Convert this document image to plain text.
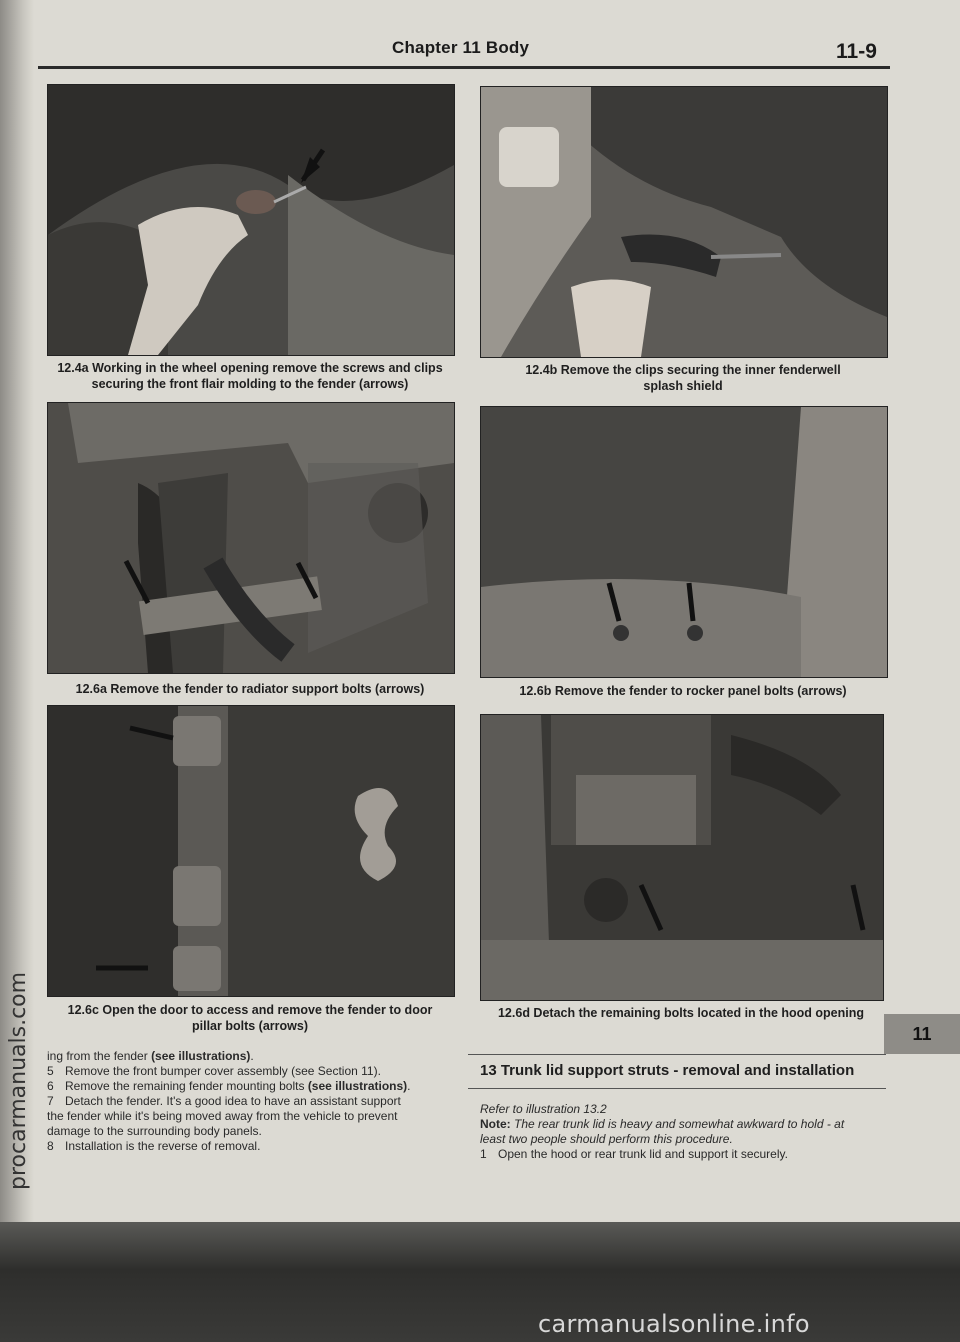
Chapter 11 Body	11-9
12.4a Working in the wheel opening remove the screws and clips
securing the front flair molding to the fender (arrows)
12.4b Remove the clips securing the inner fenderwell
splash shield
12.6a Remove the fender to radiator support bolts (arrows)	12.6b Remove the fender to rocker panel bolts (arrows)
12.6c Open the door to access and remove the fender to door
pillar bolts (arrows)
12.6d Detach the remaining bolts located in the hood opening

ing from the fender (see illustrations).

5 Remove the front bumper cover assembly (see Section 11).

6 Remove the remaining fender mounting bolts (see illustrations).

7 Detach the fender. It's a good idea to have an assistant support

the fender while it's being moved away from the vehicle to prevent

damage to the surrounding body panels.

8 Installation is the reverse of removal.

13 Trunk lid support struts - removal and installation

Refer to illustration 13.2

Note: The rear trunk lid is heavy and somewhat awkward to hold - at

least two people should perform this procedure.

1 Open the hood or rear trunk lid and support it securely.

11
procarmanuals.com
carmanualsonline.info
